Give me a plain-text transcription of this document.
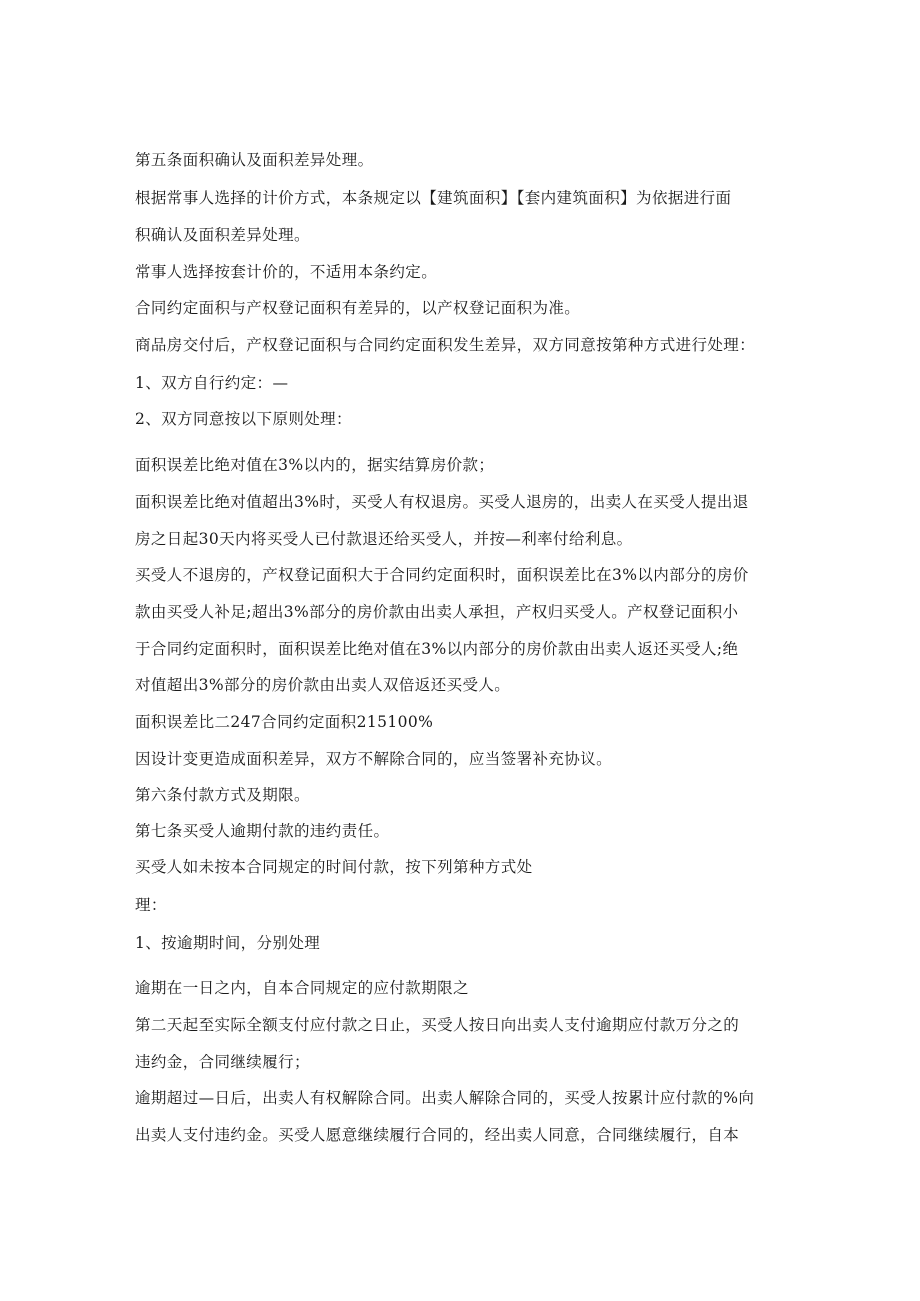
第五条面积确认及面积差异处理。

根据常事人选择的计价方式，本条规定以【建筑面积】【套内建筑面积】为依据进行面

积确认及面积差异处理。

常事人选择按套计价的，不适用本条约定。

合同约定面积与产权登记面积有差异的，以产权登记面积为准。

商品房交付后，产权登记面积与合同约定面积发生差异，双方同意按第种方式进行处理：

1、双方自行约定：—

2、双方同意按以下原则处理：

面积误差比绝对值在3%以内的，据实结算房价款；

面积误差比绝对值超出3%时，买受人有权退房。买受人退房的，出卖人在买受人提出退

房之日起30天内将买受人已付款退还给买受人，并按—利率付给利息。

买受人不退房的，产权登记面积大于合同约定面积时，面积误差比在3%以内部分的房价

款由买受人补足;超出3%部分的房价款由出卖人承担，产权归买受人。产权登记面积小

于合同约定面积时，面积误差比绝对值在3%以内部分的房价款由出卖人返还买受人;绝

对值超出3%部分的房价款由出卖人双倍返还买受人。

面积误差比二247合同约定面积215100%

因设计变更造成面积差异，双方不解除合同的，应当签署补充协议。

第六条付款方式及期限。

第七条买受人逾期付款的违约责任。

买受人如未按本合同规定的时间付款，按下列第种方式处

理：

1、按逾期时间，分别处理

逾期在一日之内，自本合同规定的应付款期限之

第二天起至实际全额支付应付款之日止，买受人按日向出卖人支付逾期应付款万分之的

违约金，合同继续履行；

逾期超过—日后，出卖人有权解除合同。出卖人解除合同的，买受人按累计应付款的%向

出卖人支付违约金。买受人愿意继续履行合同的，经出卖人同意，合同继续履行，自本
